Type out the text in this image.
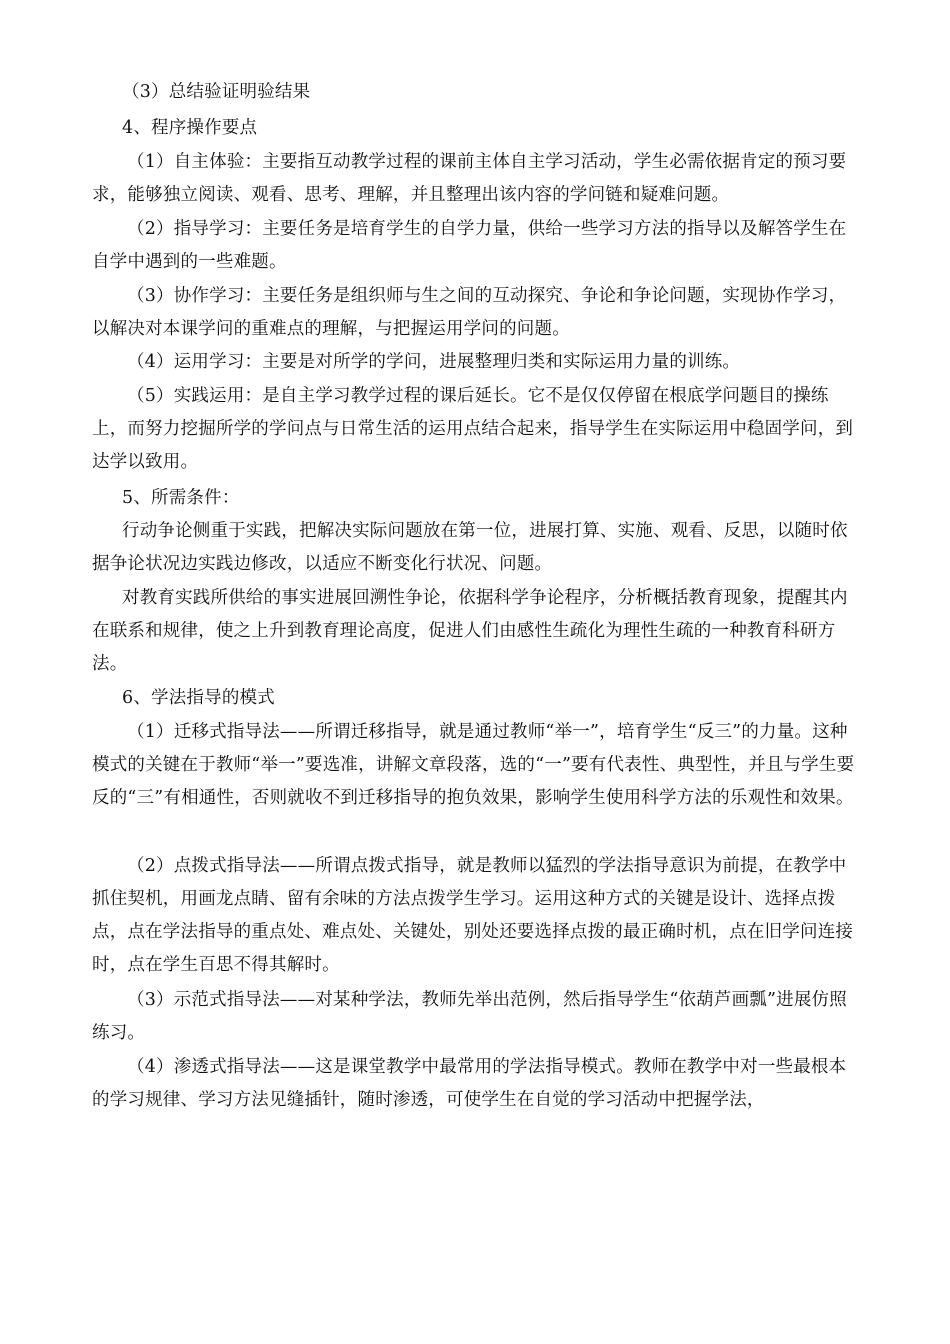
（3）总结验证明验结果

4、程序操作要点

（1）自主体验：主要指互动教学过程的课前主体自主学习活动，学生必需依据肯定的预习要求，能够独立阅读、观看、思考、理解，并且整理出该内容的学问链和疑难问题。

（2）指导学习：主要任务是培育学生的自学力量，供给一些学习方法的指导以及解答学生在自学中遇到的一些难题。

（3）协作学习：主要任务是组织师与生之间的互动探究、争论和争论问题，实现协作学习，以解决对本课学问的重难点的理解，与把握运用学问的问题。

（4）运用学习：主要是对所学的学问，进展整理归类和实际运用力量的训练。

（5）实践运用：是自主学习教学过程的课后延长。它不是仅仅停留在根底学问题目的操练上，而努力挖掘所学的学问点与日常生活的运用点结合起来，指导学生在实际运用中稳固学问，到达学以致用。

5、所需条件：

行动争论侧重于实践，把解决实际问题放在第一位，进展打算、实施、观看、反思，以随时依据争论状况边实践边修改，以适应不断变化行状况、问题。

对教育实践所供给的事实进展回溯性争论，依据科学争论程序，分析概括教育现象，提醒其内在联系和规律，使之上升到教育理论高度，促进人们由感性生疏化为理性生疏的一种教育科研方法。

6、学法指导的模式

（1）迁移式指导法——所谓迁移指导，就是通过教师“举一”，培育学生“反三”的力量。这种模式的关键在于教师“举一”要选准，讲解文章段落，选的“一”要有代表性、典型性，并且与学生要反的“三”有相通性，否则就收不到迁移指导的抱负效果，影响学生使用科学方法的乐观性和效果。

（2）点拨式指导法——所谓点拨式指导，就是教师以猛烈的学法指导意识为前提，在教学中抓住契机，用画龙点睛、留有余味的方法点拨学生学习。运用这种方式的关键是设计、选择点拨点，点在学法指导的重点处、难点处、关键处，别处还要选择点拨的最正确时机，点在旧学问连接时，点在学生百思不得其解时。

（3）示范式指导法——对某种学法，教师先举出范例，然后指导学生“依葫芦画瓢”进展仿照练习。

（4）渗透式指导法——这是课堂教学中最常用的学法指导模式。教师在教学中对一些最根本的学习规律、学习方法见缝插针，随时渗透，可使学生在自觉的学习活动中把握学法，
